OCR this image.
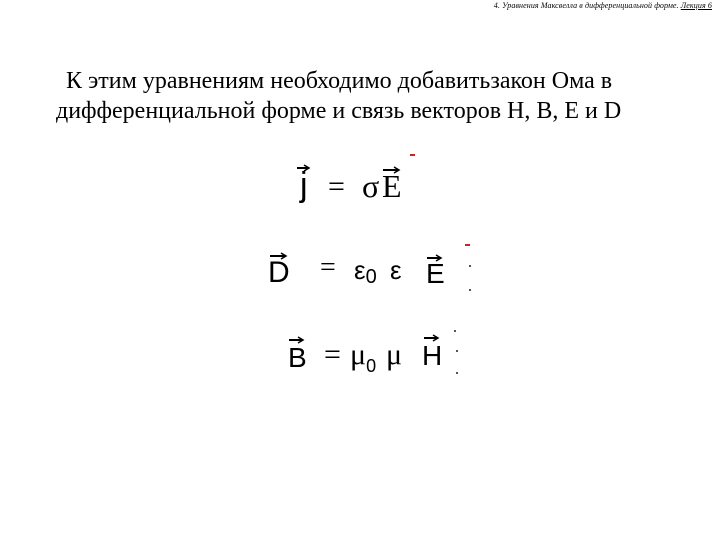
4. Уравнения Максвелла в дифференциальной форме. Лекция 6

К этим уравнениям необходимо добавитьзакон Ома в
дифференциальной форме и связь векторов H, B, E и D

j = σ E
D = ε0 ε E
$B = \mu_0$ μ H
